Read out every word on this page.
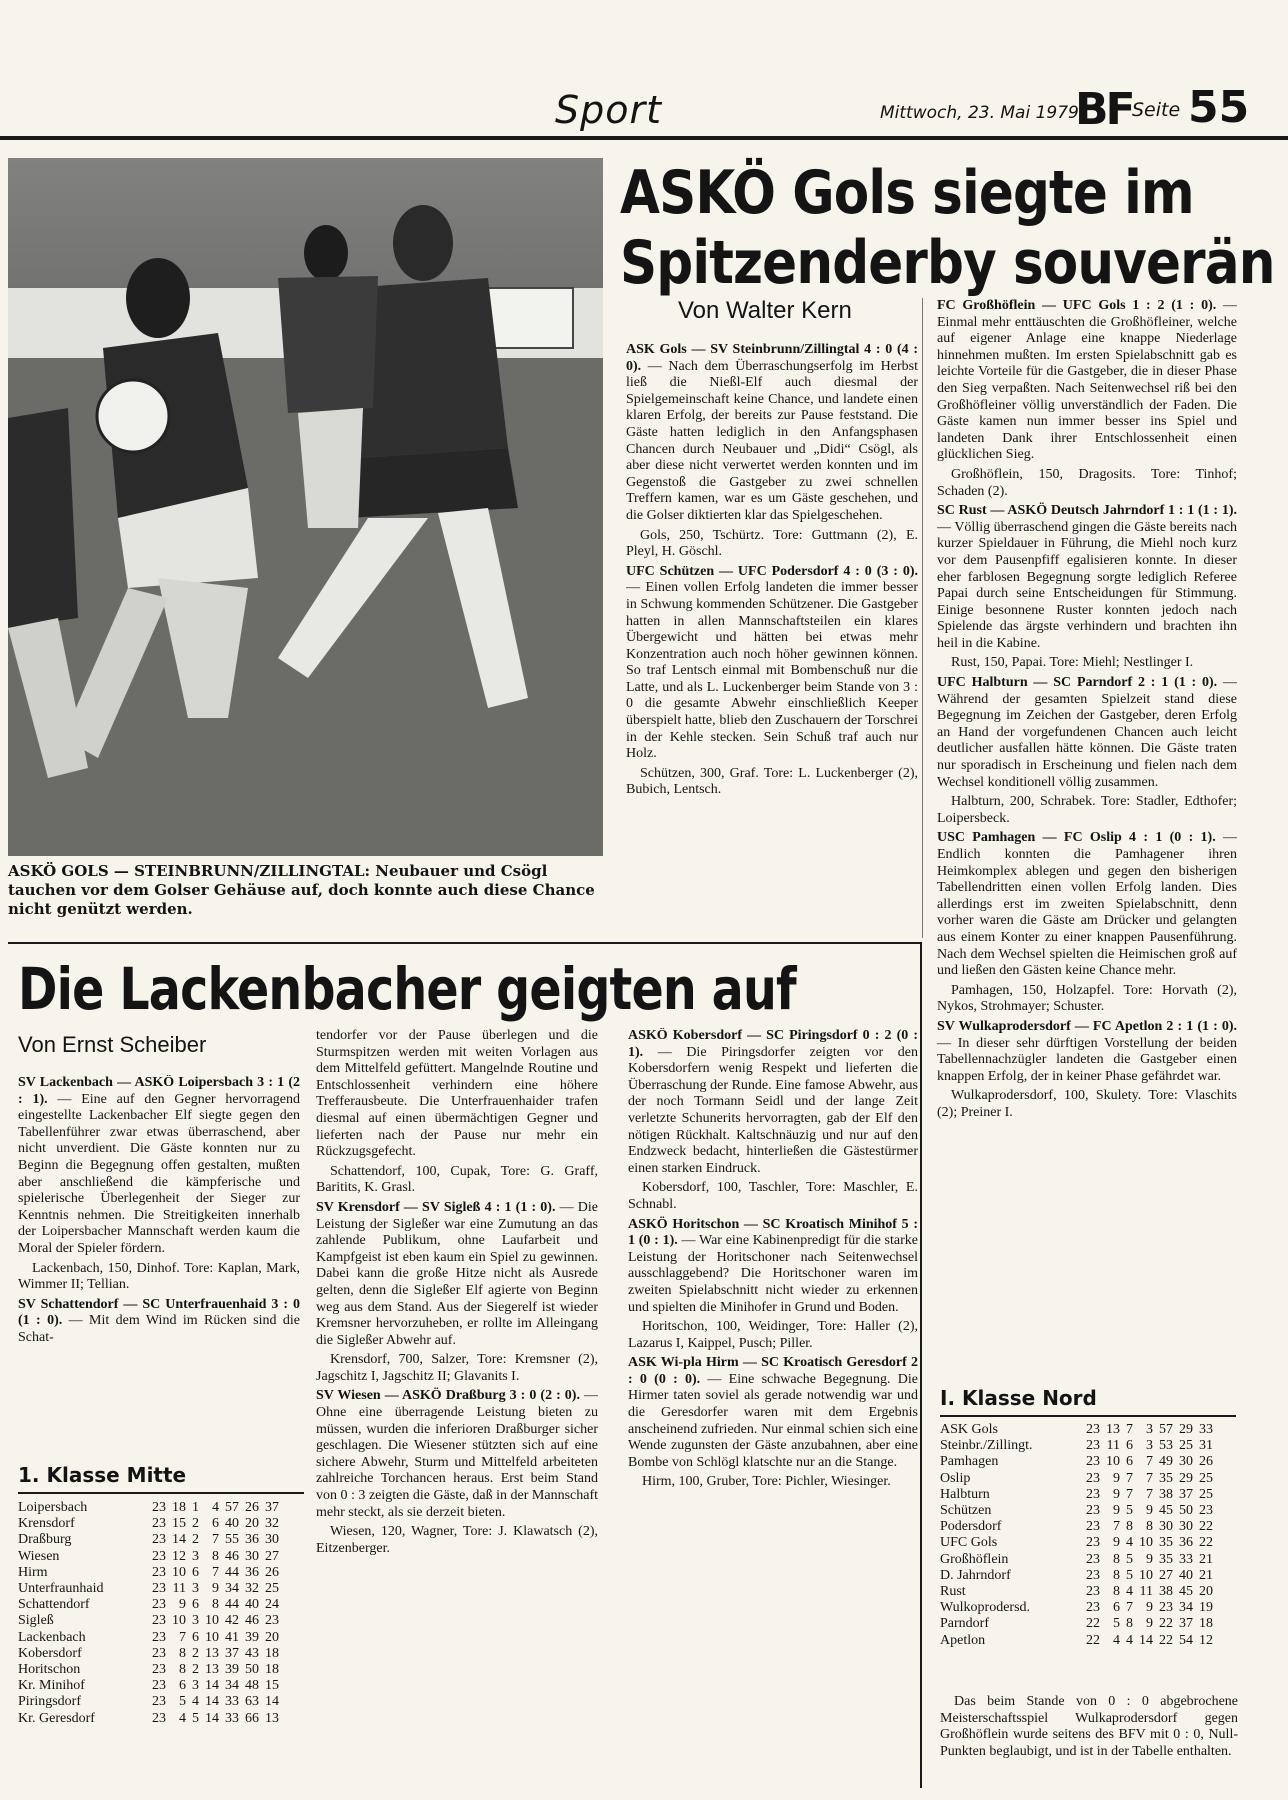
Sport	Mittwoch, 23. Mai 1979
BF Seite 55
ASKÖ GOLS — STEINBRUNN/ZILLINGTAL: Neubauer und Csögl tauchen vor dem Golser Gehäuse auf, doch konnte auch diese Chance nicht genützt werden.
ASKÖ Gols siegte im
Spitzenderby souverän
Von Walter Kern

ASK Gols — SV Steinbrunn/Zillingtal 4 : 0 (4 : 0). — Nach dem Überraschungserfolg im Herbst ließ die Nießl-Elf auch diesmal der Spielgemeinschaft keine Chance, und landete einen klaren Erfolg, der bereits zur Pause feststand. Die Gäste hatten lediglich in den Anfangsphasen Chancen durch Neubauer und „Didi“ Csögl, als aber diese nicht verwertet werden konnten und im Gegenstoß die Gastgeber zu zwei schnellen Treffern kamen, war es um Gäste geschehen, und die Golser diktierten klar das Spielgeschehen.

Gols, 250, Tschürtz. Tore: Guttmann (2), E. Pleyl, H. Göschl.

UFC Schützen — UFC Podersdorf 4 : 0 (3 : 0). — Einen vollen Erfolg landeten die immer besser in Schwung kommenden Schützener. Die Gastgeber hatten in allen Mannschaftsteilen ein klares Übergewicht und hätten bei etwas mehr Konzentration auch noch höher gewinnen können. So traf Lentsch einmal mit Bombenschuß nur die Latte, und als L. Luckenberger beim Stande von 3 : 0 die gesamte Abwehr einschließlich Keeper überspielt hatte, blieb den Zuschauern der Torschrei in der Kehle stecken. Sein Schuß traf auch nur Holz.

Schützen, 300, Graf. Tore: L. Luckenberger (2), Bubich, Lentsch.

FC Großhöflein — UFC Gols 1 : 2 (1 : 0). — Einmal mehr enttäuschten die Großhöfleiner, welche auf eigener Anlage eine knappe Niederlage hinnehmen mußten. Im ersten Spielabschnitt gab es leichte Vorteile für die Gastgeber, die in dieser Phase den Sieg verpaßten. Nach Seitenwechsel riß bei den Großhöfleiner völlig unverständlich der Faden. Die Gäste kamen nun immer besser ins Spiel und landeten Dank ihrer Entschlossenheit einen glücklichen Sieg.

Großhöflein, 150, Dragosits. Tore: Tinhof; Schaden (2).

SC Rust — ASKÖ Deutsch Jahrndorf 1 : 1 (1 : 1). — Völlig überraschend gingen die Gäste bereits nach kurzer Spieldauer in Führung, die Miehl noch kurz vor dem Pausenpfiff egalisieren konnte. In dieser eher farblosen Begegnung sorgte lediglich Referee Papai durch seine Entscheidungen für Stimmung. Einige besonnene Ruster konnten jedoch nach Spielende das ärgste verhindern und brachten ihn heil in die Kabine.

Rust, 150, Papai. Tore: Miehl; Nestlinger I.

UFC Halbturn — SC Parndorf 2 : 1 (1 : 0). — Während der gesamten Spielzeit stand diese Begegnung im Zeichen der Gastgeber, deren Erfolg an Hand der vorgefundenen Chancen auch leicht deutlicher ausfallen hätte können. Die Gäste traten nur sporadisch in Erscheinung und fielen nach dem Wechsel konditionell völlig zusammen.

Halbturn, 200, Schrabek. Tore: Stadler, Edthofer; Loipersbeck.

USC Pamhagen — FC Oslip 4 : 1 (0 : 1). — Endlich konnten die Pamhagener ihren Heimkomplex ablegen und gegen den bisherigen Tabellendritten einen vollen Erfolg landen. Dies allerdings erst im zweiten Spielabschnitt, denn vorher waren die Gäste am Drücker und gelangten aus einem Konter zu einer knappen Pausenführung. Nach dem Wechsel spielten die Heimischen groß auf und ließen den Gästen keine Chance mehr.

Pamhagen, 150, Holzapfel. Tore: Horvath (2), Nykos, Strohmayer; Schuster.

SV Wulkaprodersdorf — FC Apetlon 2 : 1 (1 : 0). — In dieser sehr dürftigen Vorstellung der beiden Tabellennachzügler landeten die Gastgeber einen knappen Erfolg, der in keiner Phase gefährdet war.

Wulkaprodersdorf, 100, Skulety. Tore: Vlaschits (2); Preiner I.

Die Lackenbacher geigten auf
Von Ernst Scheiber

SV Lackenbach — ASKÖ Loipersbach 3 : 1 (2 : 1). — Eine auf den Gegner hervorragend eingestellte Lackenbacher Elf siegte gegen den Tabellenführer zwar etwas überraschend, aber nicht unverdient. Die Gäste konnten nur zu Beginn die Begegnung offen gestalten, mußten aber anschließend die kämpferische und spielerische Überlegenheit der Sieger zur Kenntnis nehmen. Die Streitigkeiten innerhalb der Loipersbacher Mannschaft werden kaum die Moral der Spieler fördern.

Lackenbach, 150, Dinhof. Tore: Kaplan, Mark, Wimmer II; Tellian.

SV Schattendorf — SC Unterfrauenhaid 3 : 0 (1 : 0). — Mit dem Wind im Rücken sind die Schat-

tendorfer vor der Pause überlegen und die Sturmspitzen werden mit weiten Vorlagen aus dem Mittelfeld gefüttert. Mangelnde Routine und Entschlossenheit verhindern eine höhere Trefferausbeute. Die Unterfrauenhaider trafen diesmal auf einen übermächtigen Gegner und lieferten nach der Pause nur mehr ein Rückzugsgefecht.

Schattendorf, 100, Cupak, Tore: G. Graff, Baritits, K. Grasl.

SV Krensdorf — SV Sigleß 4 : 1 (1 : 0). — Die Leistung der Sigleßer war eine Zumutung an das zahlende Publikum, ohne Laufarbeit und Kampfgeist ist eben kaum ein Spiel zu gewinnen. Dabei kann die große Hitze nicht als Ausrede gelten, denn die Sigleßer Elf agierte von Beginn weg aus dem Stand. Aus der Siegerelf ist wieder Kremsner hervorzuheben, er rollte im Alleingang die Sigleßer Abwehr auf.

Krensdorf, 700, Salzer, Tore: Kremsner (2), Jagschitz I, Jagschitz II; Glavanits I.

SV Wiesen — ASKÖ Draßburg 3 : 0 (2 : 0). — Ohne eine überragende Leistung bieten zu müssen, wurden die inferioren Draßburger sicher geschlagen. Die Wiesener stützten sich auf eine sichere Abwehr, Sturm und Mittelfeld arbeiteten zahlreiche Torchancen heraus. Erst beim Stand von 0 : 3 zeigten die Gäste, daß in der Mannschaft mehr steckt, als sie derzeit bieten.

Wiesen, 120, Wagner, Tore: J. Klawatsch (2), Eitzenberger.

ASKÖ Kobersdorf — SC Piringsdorf 0 : 2 (0 : 1). — Die Piringsdorfer zeigten vor den Kobersdorfern wenig Respekt und lieferten die Überraschung der Runde. Eine famose Abwehr, aus der noch Tormann Seidl und der lange Zeit verletzte Schunerits hervorragten, gab der Elf den nötigen Rückhalt. Kaltschnäuzig und nur auf den Endzweck bedacht, hinterließen die Gästestürmer einen starken Eindruck.

Kobersdorf, 100, Taschler, Tore: Maschler, E. Schnabl.

ASKÖ Horitschon — SC Kroatisch Minihof 5 : 1 (0 : 1). — War eine Kabinenpredigt für die starke Leistung der Horitschoner nach Seitenwechsel ausschlaggebend? Die Horitschoner waren im zweiten Spielabschnitt nicht wieder zu erkennen und spielten die Minihofer in Grund und Boden.

Horitschon, 100, Weidinger, Tore: Haller (2), Lazarus I, Kaippel, Pusch; Piller.

ASK Wi-pla Hirm — SC Kroatisch Geresdorf 2 : 0 (0 : 0). — Eine schwache Begegnung. Die Hirmer taten soviel als gerade notwendig war und die Geresdorfer waren mit dem Ergebnis anscheinend zufrieden. Nur einmal schien sich eine Wende zugunsten der Gäste anzubahnen, aber eine Bombe von Schlögl klatschte nur an die Stange.

Hirm, 100, Gruber, Tore: Pichler, Wiesinger.

1. Klasse Mitte
Loipersbach	23	18	1	4	57	26	37
Krensdorf	23	15	2	6	40	20	32
Draßburg	23	14	2	7	55	36	30
Wiesen	23	12	3	8	46	30	27
Hirm	23	10	6	7	44	36	26
Unterfraunhaid	23	11	3	9	34	32	25
Schattendorf	23	9	6	8	44	40	24
Sigleß	23	10	3	10	42	46	23
Lackenbach	23	7	6	10	41	39	20
Kobersdorf	23	8	2	13	37	43	18
Horitschon	23	8	2	13	39	50	18
Kr. Minihof	23	6	3	14	34	48	15
Piringsdorf	23	5	4	14	33	63	14
Kr. Geresdorf	23	4	5	14	33	66	13
I. Klasse Nord
ASK Gols	23	13	7	3	57	29	33
Steinbr./Zillingt.	23	11	6	3	53	25	31
Pamhagen	23	10	6	7	49	30	26
Oslip	23	9	7	7	35	29	25
Halbturn	23	9	7	7	38	37	25
Schützen	23	9	5	9	45	50	23
Podersdorf	23	7	8	8	30	30	22
UFC Gols	23	9	4	10	35	36	22
Großhöflein	23	8	5	9	35	33	21
D. Jahrndorf	23	8	5	10	27	40	21
Rust	23	8	4	11	38	45	20
Wulkoprodersd.	23	6	7	9	23	34	19
Parndorf	22	5	8	9	22	37	18
Apetlon	22	4	4	14	22	54	12

Das beim Stande von 0 : 0 abgebrochene Meisterschaftsspiel Wulkaprodersdorf gegen Großhöflein wurde seitens des BFV mit 0 : 0, Null-Punkten beglaubigt, und ist in der Tabelle enthalten.
